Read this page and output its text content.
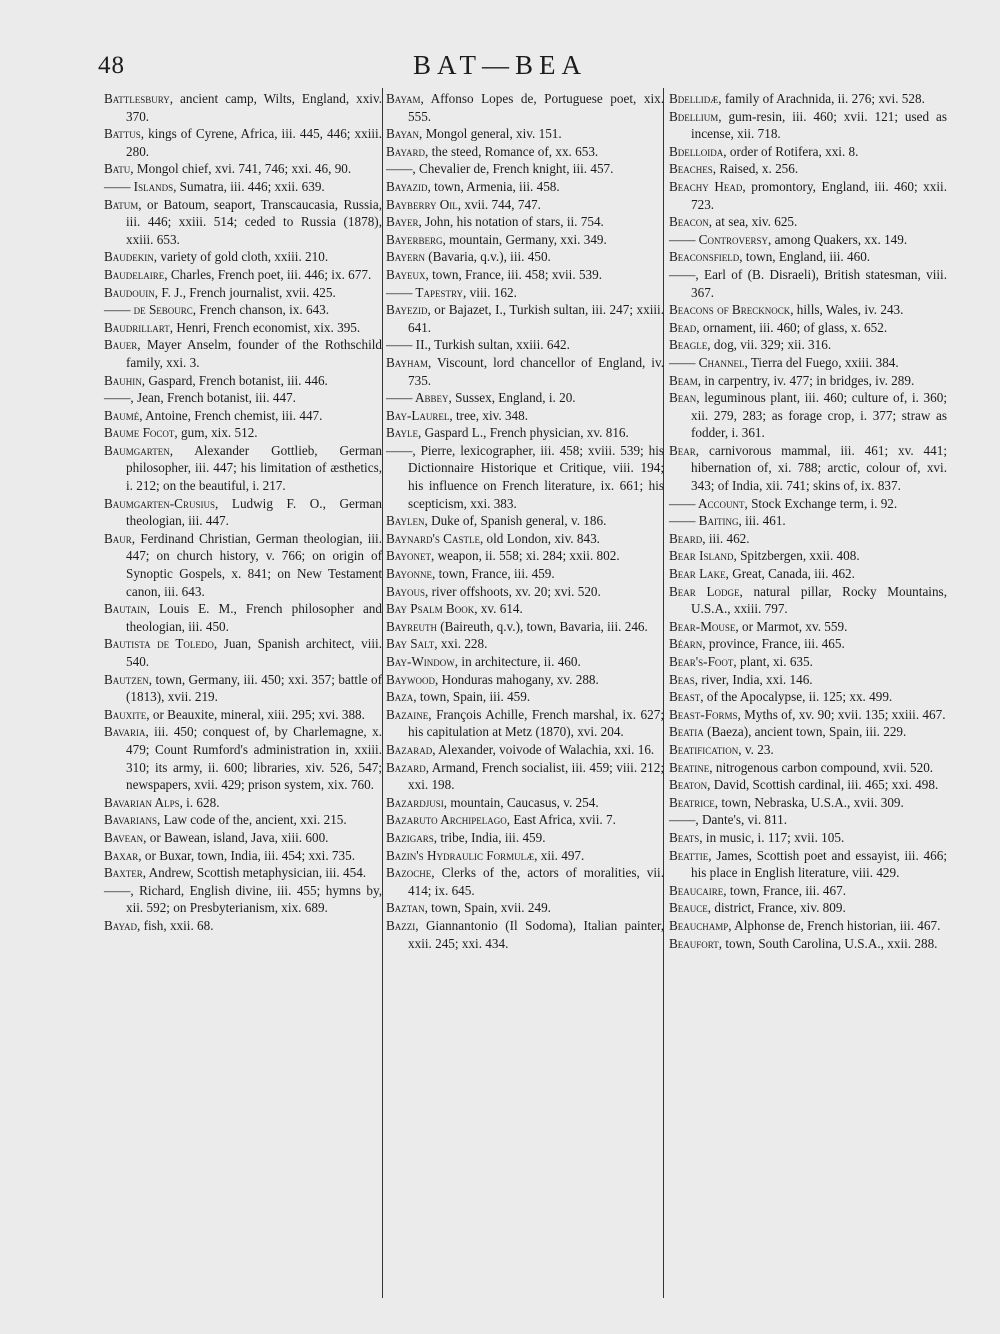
48	BAT—BEA

Battlesbury, ancient camp, Wilts, England, xxiv. 370.

Battus, kings of Cyrene, Africa, iii. 445, 446; xxiii. 280.

Batu, Mongol chief, xvi. 741, 746; xxi. 46, 90.

—— Islands, Sumatra, iii. 446; xxii. 639.

Batum, or Batoum, seaport, Transcaucasia, Russia, iii. 446; xxiii. 514; ceded to Russia (1878), xxiii. 653.

Baudekin, variety of gold cloth, xxiii. 210.

Baudelaire, Charles, French poet, iii. 446; ix. 677.

Baudouin, F. J., French journalist, xvii. 425.

—— de Sebourc, French chanson, ix. 643.

Baudrillart, Henri, French economist, xix. 395.

Bauer, Mayer Anselm, founder of the Rothschild family, xxi. 3.

Bauhin, Gaspard, French botanist, iii. 446.

——, Jean, French botanist, iii. 447.

Baumé, Antoine, French chemist, iii. 447.

Baume Focot, gum, xix. 512.

Baumgarten, Alexander Gottlieb, German philosopher, iii. 447; his limitation of æsthetics, i. 212; on the beautiful, i. 217.

Baumgarten-Crusius, Ludwig F. O., German theologian, iii. 447.

Baur, Ferdinand Christian, German theologian, iii. 447; on church history, v. 766; on origin of Synoptic Gospels, x. 841; on New Testament canon, iii. 643.

Bautain, Louis E. M., French philosopher and theologian, iii. 450.

Bautista de Toledo, Juan, Spanish architect, viii. 540.

Bautzen, town, Germany, iii. 450; xxi. 357; battle of (1813), xvii. 219.

Bauxite, or Beauxite, mineral, xiii. 295; xvi. 388.

Bavaria, iii. 450; conquest of, by Charlemagne, x. 479; Count Rumford's administration in, xxiii. 310; its army, ii. 600; libraries, xiv. 526, 547; newspapers, xvii. 429; prison system, xix. 760.

Bavarian Alps, i. 628.

Bavarians, Law code of the, ancient, xxi. 215.

Bavean, or Bawean, island, Java, xiii. 600.

Baxar, or Buxar, town, India, iii. 454; xxi. 735.

Baxter, Andrew, Scottish metaphysician, iii. 454.

——, Richard, English divine, iii. 455; hymns by, xii. 592; on Presbyterianism, xix. 689.

Bayad, fish, xxii. 68.

Bayam, Affonso Lopes de, Portuguese poet, xix. 555.

Bayan, Mongol general, xiv. 151.

Bayard, the steed, Romance of, xx. 653.

——, Chevalier de, French knight, iii. 457.

Bayazid, town, Armenia, iii. 458.

Bayberry Oil, xvii. 744, 747.

Bayer, John, his notation of stars, ii. 754.

Bayerberg, mountain, Germany, xxi. 349.

Bayern (Bavaria, q.v.), iii. 450.

Bayeux, town, France, iii. 458; xvii. 539.

—— Tapestry, viii. 162.

Bayezid, or Bajazet, I., Turkish sultan, iii. 247; xxiii. 641.

—— II., Turkish sultan, xxiii. 642.

Bayham, Viscount, lord chancellor of England, iv. 735.

—— Abbey, Sussex, England, i. 20.

Bay-Laurel, tree, xiv. 348.

Bayle, Gaspard L., French physician, xv. 816.

——, Pierre, lexicographer, iii. 458; xviii. 539; his Dictionnaire Historique et Critique, viii. 194; his influence on French literature, ix. 661; his scepticism, xxi. 383.

Baylen, Duke of, Spanish general, v. 186.

Baynard's Castle, old London, xiv. 843.

Bayonet, weapon, ii. 558; xi. 284; xxii. 802.

Bayonne, town, France, iii. 459.

Bayous, river offshoots, xv. 20; xvi. 520.

Bay Psalm Book, xv. 614.

Bayreuth (Baireuth, q.v.), town, Bavaria, iii. 246.

Bay Salt, xxi. 228.

Bay-Window, in architecture, ii. 460.

Baywood, Honduras mahogany, xv. 288.

Baza, town, Spain, iii. 459.

Bazaine, François Achille, French marshal, ix. 627; his capitulation at Metz (1870), xvi. 204.

Bazarad, Alexander, voivode of Walachia, xxi. 16.

Bazard, Armand, French socialist, iii. 459; viii. 212; xxi. 198.

Bazardjusi, mountain, Caucasus, v. 254.

Bazaruto Archipelago, East Africa, xvii. 7.

Bazigars, tribe, India, iii. 459.

Bazin's Hydraulic Formulæ, xii. 497.

Bazoche, Clerks of the, actors of moralities, vii. 414; ix. 645.

Baztan, town, Spain, xvii. 249.

Bazzi, Giannantonio (Il Sodoma), Italian painter, xxii. 245; xxi. 434.

Bdellidæ, family of Arachnida, ii. 276; xvi. 528.

Bdellium, gum-resin, iii. 460; xvii. 121; used as incense, xii. 718.

Bdelloida, order of Rotifera, xxi. 8.

Beaches, Raised, x. 256.

Beachy Head, promontory, England, iii. 460; xxii. 723.

Beacon, at sea, xiv. 625.

—— Controversy, among Quakers, xx. 149.

Beaconsfield, town, England, iii. 460.

——, Earl of (B. Disraeli), British statesman, viii. 367.

Beacons of Brecknock, hills, Wales, iv. 243.

Bead, ornament, iii. 460; of glass, x. 652.

Beagle, dog, vii. 329; xii. 316.

—— Channel, Tierra del Fuego, xxiii. 384.

Beam, in carpentry, iv. 477; in bridges, iv. 289.

Bean, leguminous plant, iii. 460; culture of, i. 360; xii. 279, 283; as forage crop, i. 377; straw as fodder, i. 361.

Bear, carnivorous mammal, iii. 461; xv. 441; hibernation of, xi. 788; arctic, colour of, xvi. 343; of India, xii. 741; skins of, ix. 837.

—— Account, Stock Exchange term, i. 92.

—— Baiting, iii. 461.

Beard, iii. 462.

Bear Island, Spitzbergen, xxii. 408.

Bear Lake, Great, Canada, iii. 462.

Bear Lodge, natural pillar, Rocky Mountains, U.S.A., xxiii. 797.

Bear-Mouse, or Marmot, xv. 559.

Béarn, province, France, iii. 465.

Bear's-Foot, plant, xi. 635.

Beas, river, India, xxi. 146.

Beast, of the Apocalypse, ii. 125; xx. 499.

Beast-Forms, Myths of, xv. 90; xvii. 135; xxiii. 467.

Beatia (Baeza), ancient town, Spain, iii. 229.

Beatification, v. 23.

Beatine, nitrogenous carbon compound, xvii. 520.

Beaton, David, Scottish cardinal, iii. 465; xxi. 498.

Beatrice, town, Nebraska, U.S.A., xvii. 309.

——, Dante's, vi. 811.

Beats, in music, i. 117; xvii. 105.

Beattie, James, Scottish poet and essayist, iii. 466; his place in English literature, viii. 429.

Beaucaire, town, France, iii. 467.

Beauce, district, France, xiv. 809.

Beauchamp, Alphonse de, French historian, iii. 467.

Beaufort, town, South Carolina, U.S.A., xxii. 288.
